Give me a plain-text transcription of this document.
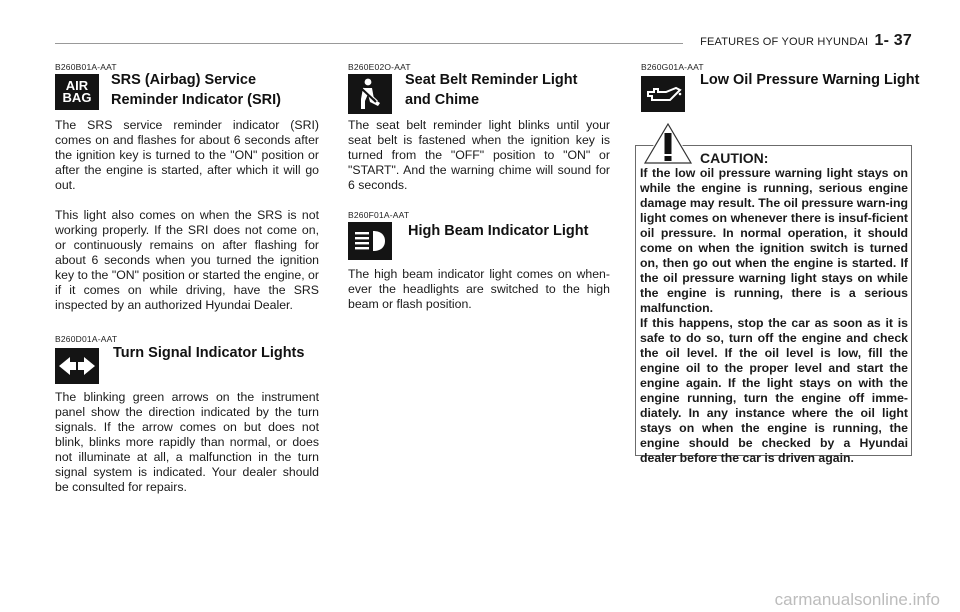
FEATURES OF YOUR HYUNDAI 1- 37
B260B01A-AAT
AIR
BAG
SRS (Airbag) Service
Reminder Indicator (SRI)

The SRS service reminder indicator (SRI) comes on and flashes for about 6 seconds after the ignition key is turned to the "ON" position or after the engine is started, after which it will go out.

This light also comes on when the SRS is not working properly. If the SRI does not come on, or continuously remains on after flashing for about 6 seconds when you turned the ignition key to the "ON" position or started the engine, or if it comes on while driving, have the SRS inspected by an authorized Hyundai Dealer.

B260D01A-AAT
Turn Signal Indicator Lights

The blinking green arrows on the instrument panel show the direction indicated by the turn signals. If the arrow comes on but does not blink, blinks more rapidly than normal, or does not illuminate at all, a malfunction in the turn signal system is indicated. Your dealer should be consulted for repairs.

B260E02O-AAT
Seat Belt Reminder Light
and Chime

The seat belt reminder light blinks until your seat belt is fastened when the ignition key is turned from the "OFF" position to "ON" or "START". And the warning chime will sound for 6 seconds.

B260F01A-AAT
High Beam Indicator Light

The high beam indicator light comes on when-ever the headlights are switched to the high beam or flash position.

B260G01A-AAT
Low Oil Pressure Warning Light
CAUTION:

If the low oil pressure warning light stays on while the engine is running, serious engine damage may result. The oil pressure warn-ing light comes on whenever there is insuf-ficient oil pressure. In normal operation, it should come on when the ignition switch is turned on, then go out when the engine is started. If the oil pressure warning light stays on while the engine is running, there is a serious malfunction.

If this happens, stop the car as soon as it is safe to do so, turn off the engine and check the oil level. If the oil level is low, fill the engine oil to the proper level and start the engine again. If the light stays on with the engine running, turn the engine off imme-diately. In any instance where the oil light stays on when the engine is running, the engine should be checked by a Hyundai dealer before the car is driven again.

carmanualsonline.info
